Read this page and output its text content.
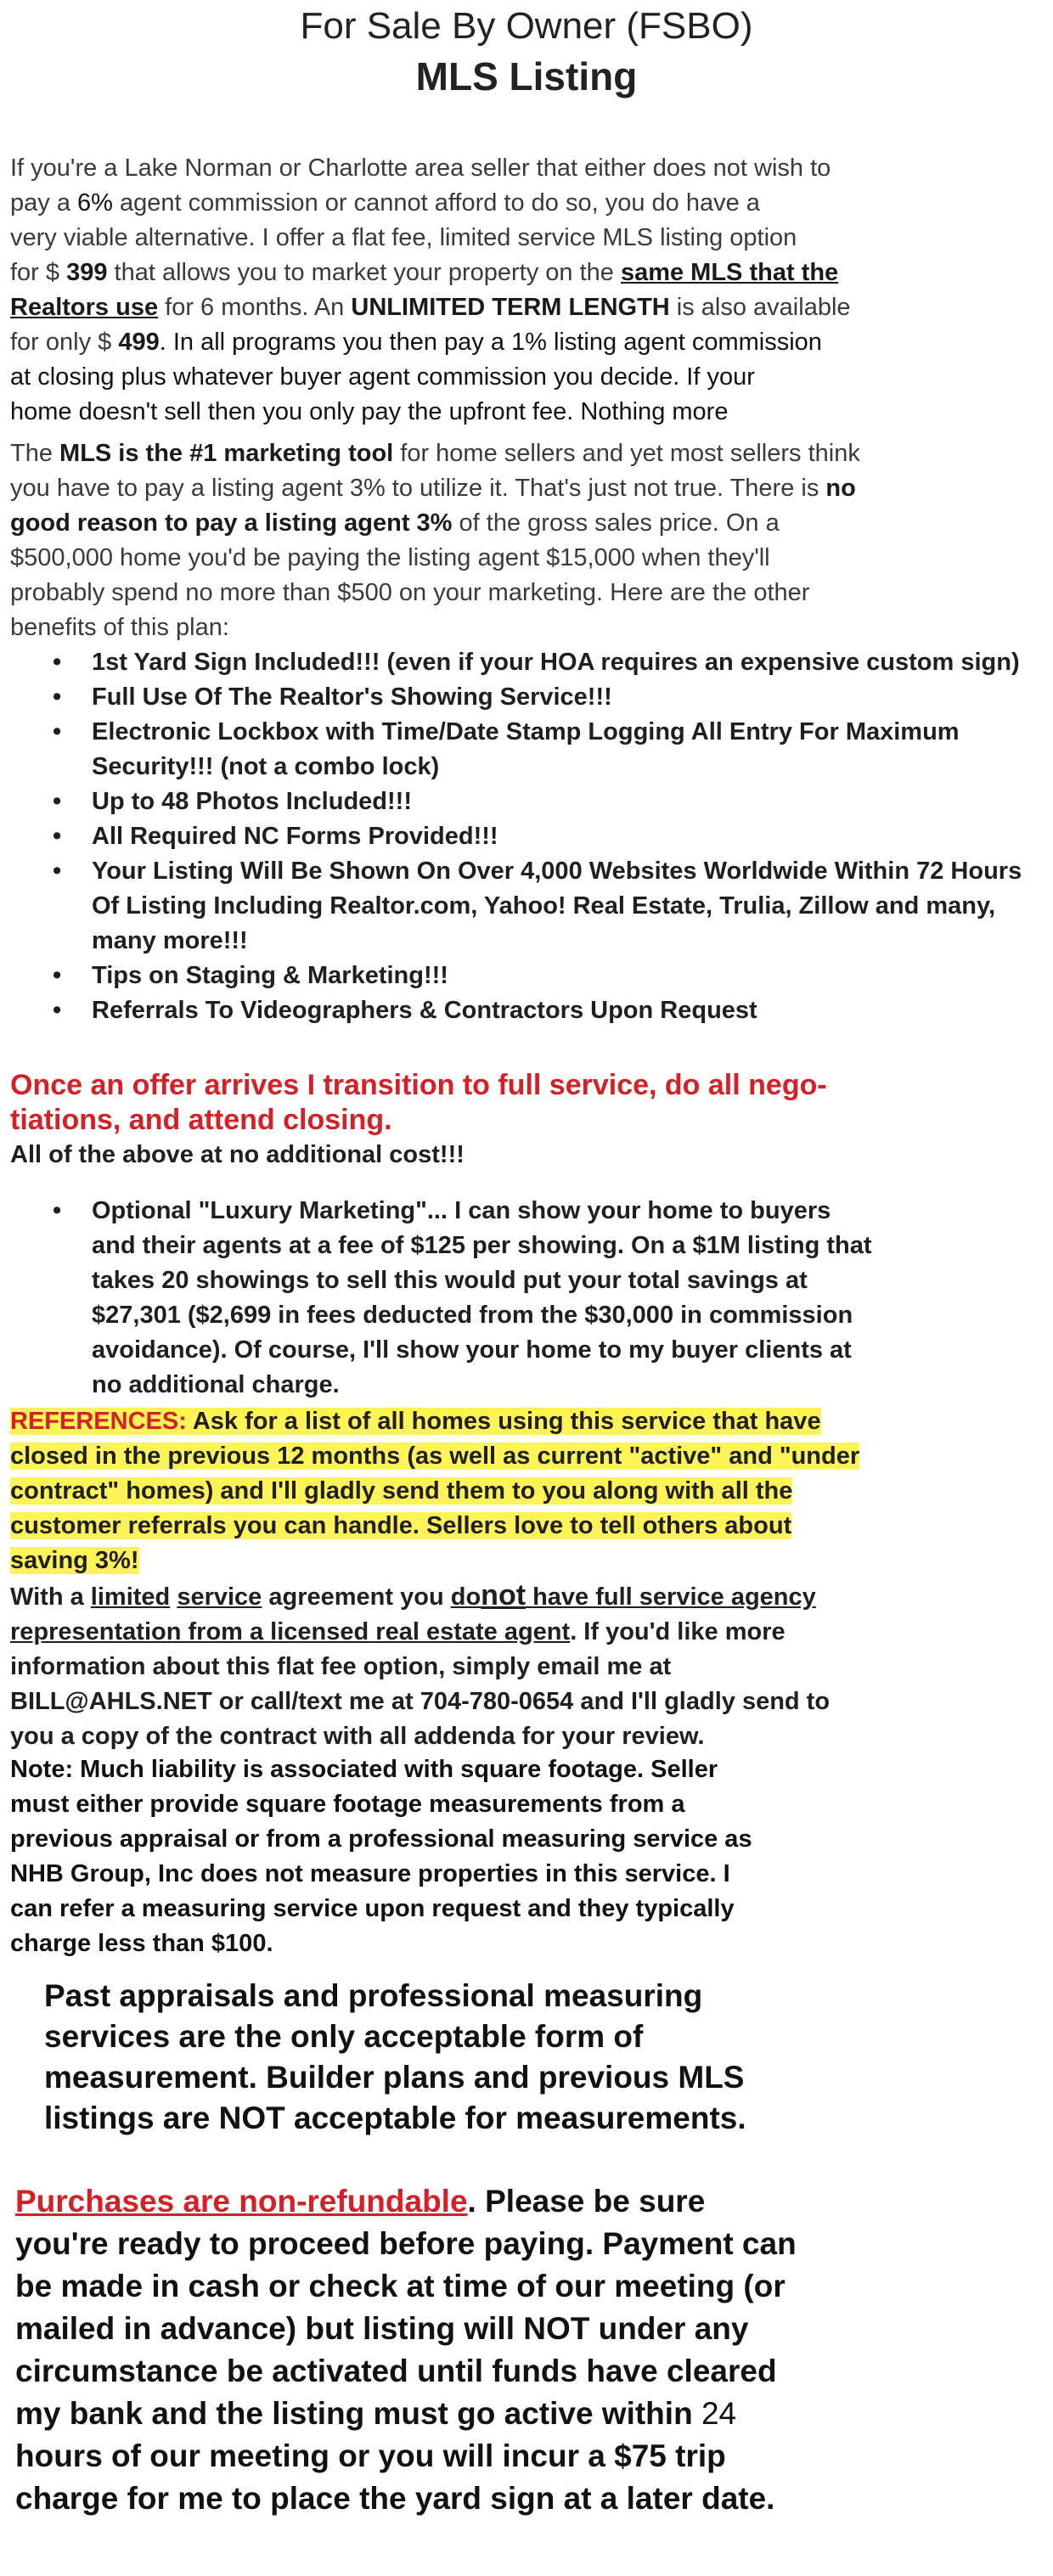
For Sale By Owner (FSBO)
MLS Listing
If you're a Lake Norman or Charlotte area seller that either does not wish to
pay a 6% agent commission or cannot afford to do so, you do have a
very viable alternative. I offer a flat fee, limited service MLS listing option
for $ 399 that allows you to market your property on the same MLS that the
Realtors use for 6 months. An UNLIMITED TERM LENGTH is also available
for only $ 499. In all programs you then pay a 1% listing agent commission
at closing plus whatever buyer agent commission you decide. If your
home doesn't sell then you only pay the upfront fee. Nothing more
The MLS is the #1 marketing tool for home sellers and yet most sellers think
you have to pay a listing agent 3% to utilize it. That's just not true. There is no
good reason to pay a listing agent 3% of the gross sales price. On a
$500,000 home you'd be paying the listing agent $15,000 when they'll
probably spend no more than $500 on your marketing. Here are the other
benefits of this plan:
• 1st Yard Sign Included!!! (even if your HOA requires an expensive custom sign)
• Full Use Of The Realtor's Showing Service!!!
• Electronic Lockbox with Time/Date Stamp Logging All Entry For Maximum Security!!! (not a combo lock)
• Up to 48 Photos Included!!!
• All Required NC Forms Provided!!!
• Your Listing Will Be Shown On Over 4,000 Websites Worldwide Within 72 Hours Of Listing Including Realtor.com, Yahoo! Real Estate, Trulia, Zillow and many, many more!!!
• Tips on Staging & Marketing!!!
• Referrals To Videographers & Contractors Upon Request
Once an offer arrives I transition to full service, do all nego-
tiations, and attend closing.
All of the above at no additional cost!!!
• Optional "Luxury Marketing"... I can show your home to buyers
and their agents at a fee of $125 per showing. On a $1M listing that
takes 20 showings to sell this would put your total savings at
$27,301 ($2,699 in fees deducted from the $30,000 in commission
avoidance). Of course, I'll show your home to my buyer clients at
no additional charge.
REFERENCES: Ask for a list of all homes using this service that have
closed in the previous 12 months (as well as current "active" and "under
contract" homes) and I'll gladly send them to you along with all the
customer referrals you can handle. Sellers love to tell others about
saving 3%!
With a limited service agreement you donot have full service agency
representation from a licensed real estate agent. If you'd like more
information about this flat fee option, simply email me at
BILL@AHLS.NET or call/text me at 704-780-0654 and I'll gladly send to
you a copy of the contract with all addenda for your review.
Note: Much liability is associated with square footage. Seller
must either provide square footage measurements from a
previous appraisal or from a professional measuring service as
NHB Group, Inc does not measure properties in this service. I
can refer a measuring service upon request and they typically
charge less than $100.
Past appraisals and professional measuring
services are the only acceptable form of
measurement. Builder plans and previous MLS
listings are NOT acceptable for measurements.
Purchases are non-refundable. Please be sure
you're ready to proceed before paying. Payment can
be made in cash or check at time of our meeting (or
mailed in advance) but listing will NOT under any
circumstance be activated until funds have cleared
my bank and the listing must go active within 24
hours of our meeting or you will incur a $75 trip
charge for me to place the yard sign at a later date.
